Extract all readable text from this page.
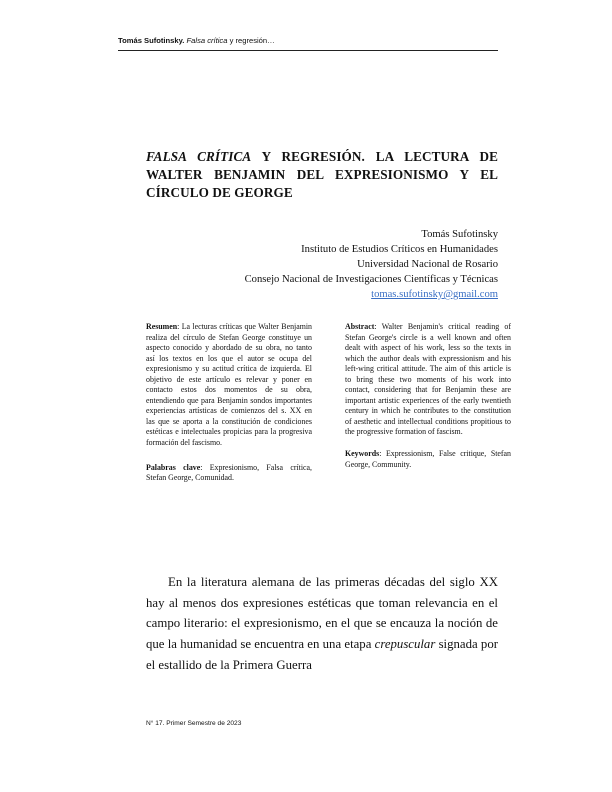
Tomás Sufotinsky. Falsa crítica y regresión…
FALSA CRÍTICA Y REGRESIÓN. LA LECTURA DE WALTER BENJAMIN DEL EXPRESIONISMO Y EL CÍRCULO DE GEORGE
Tomás Sufotinsky
Instituto de Estudios Críticos en Humanidades
Universidad Nacional de Rosario
Consejo Nacional de Investigaciones Científicas y Técnicas
tomas.sufotinsky@gmail.com

Resumen: La lecturas críticas que Walter Benjamin realiza del círculo de Stefan George constituye un aspecto conocido y abordado de su obra, no tanto así los textos en los que el autor se ocupa del expresionismo y su actitud crítica de izquierda. El objetivo de este artículo es relevar y poner en contacto estos dos momentos de su obra, entendiendo que para Benjamin sondos importantes experiencias artísticas de comienzos del s. XX en las que se aporta a la constitución de condiciones estéticas e intelectuales propicias para la progresiva formación del fascismo.

Palabras clave: Expresionismo, Falsa crítica, Stefan George, Comunidad.

Abstract: Walter Benjamin's critical reading of Stefan George's circle is a well known and often dealt with aspect of his work, less so the texts in which the author deals with expressionism and his left-wing critical attitude. The aim of this article is to bring these two moments of his work into contact, considering that for Benjamin these are important artistic experiences of the early twentieth century in which he contributes to the constitution of aesthetic and intellectual conditions propitious to the progressive formation of fascism.

Keywords: Expressionism, False critique, Stefan George, Community.

En la literatura alemana de las primeras décadas del siglo XX hay al menos dos expresiones estéticas que toman relevancia en el campo literario: el expresionismo, en el que se encauza la noción de que la humanidad se encuentra en una etapa crepuscular signada por el estallido de la Primera Guerra

N° 17. Primer Semestre de 2023
